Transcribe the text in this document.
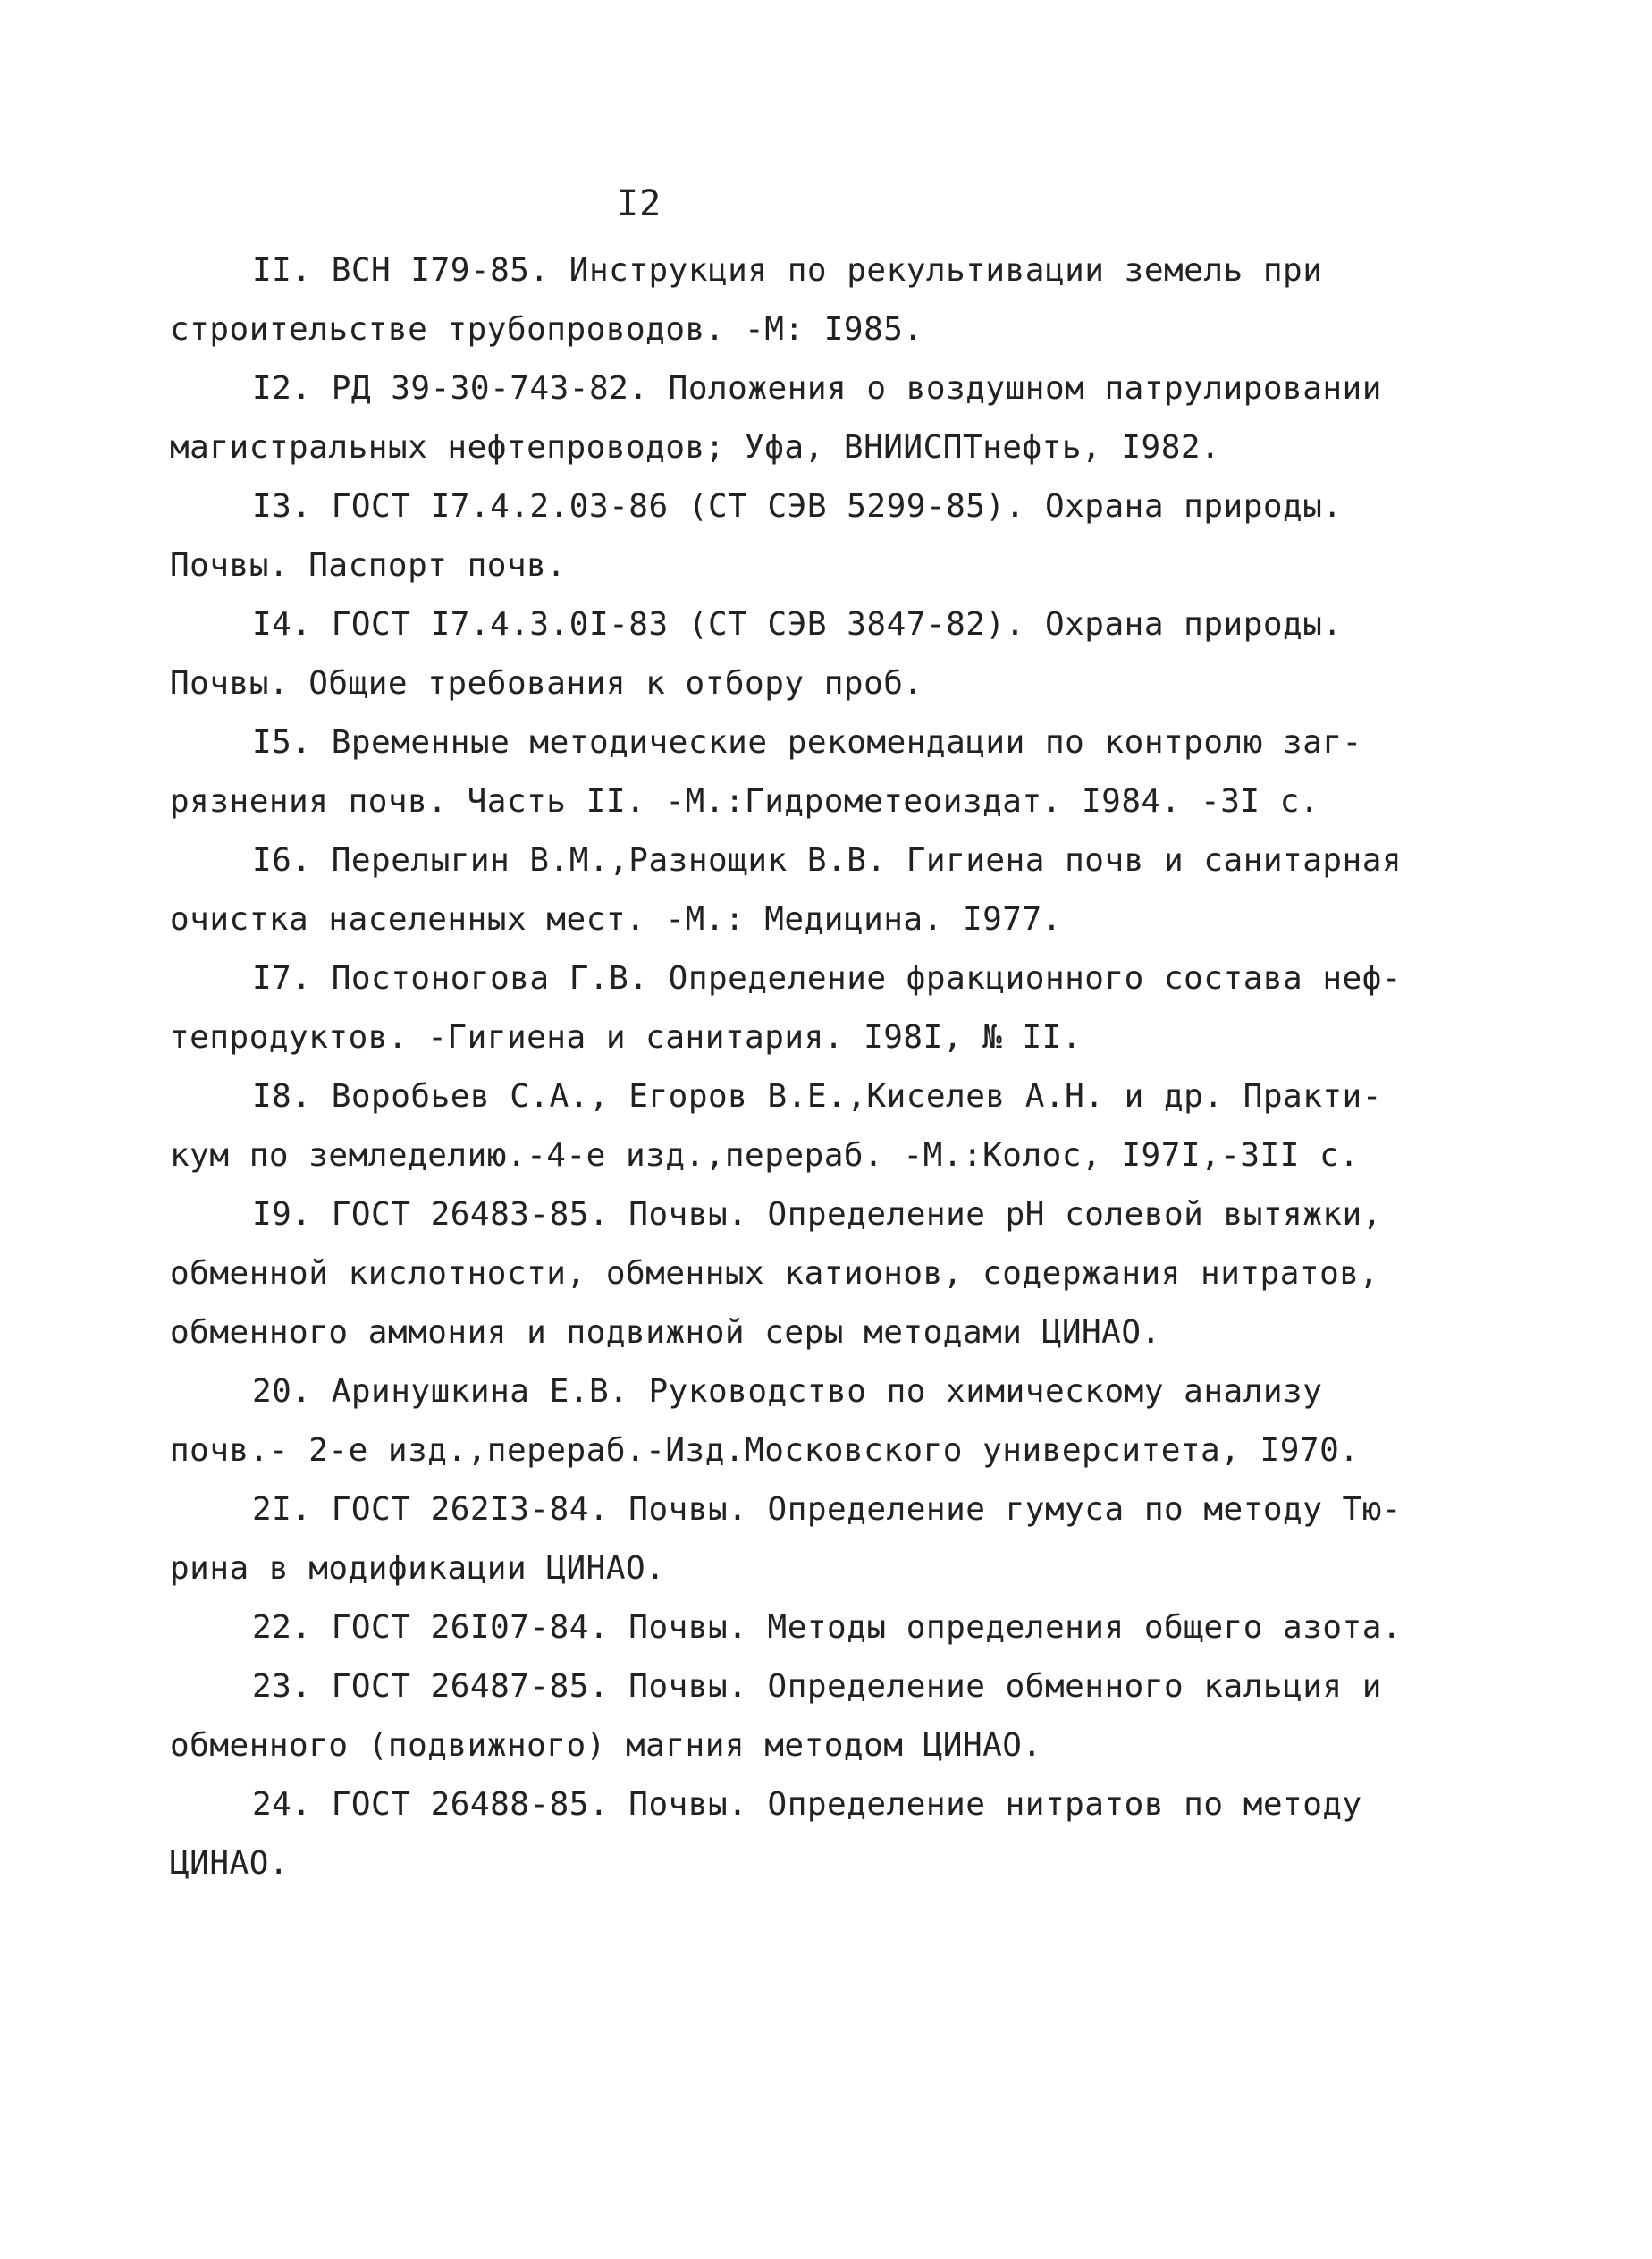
I2
II. ВСН I79-85. Инструкция по рекультивации земель при
строительстве трубопроводов. -М: I985.
I2. РД 39-30-743-82. Положения о воздушном патрулировании
магистральных нефтепроводов; Уфа, ВНИИСПТнефть, I982.
I3. ГОСТ I7.4.2.03-86 (СТ СЭВ 5299-85). Охрана природы.
Почвы. Паспорт почв.
I4. ГОСТ I7.4.3.0I-83 (СТ СЭВ 3847-82). Охрана природы.
Почвы. Общие требования к отбору проб.
I5. Временные методические рекомендации по контролю заг-
рязнения почв. Часть II. -М.:Гидрометеоиздат. I984. -3I с.
I6. Перелыгин В.М.,Разнощик В.В. Гигиена почв и санитарная
очистка населенных мест. -М.: Медицина. I977.
I7. Постоногова Г.В. Определение фракционного состава неф-
тепродуктов. -Гигиена и санитария. I98I, № II.
I8. Воробьев С.А., Егоров В.Е.,Киселев А.Н. и др. Практи-
кум по земледелию.-4-е изд.,перераб. -М.:Колос, I97I,-3II с.
I9. ГОСТ 26483-85. Почвы. Определение рН солевой вытяжки,
обменной кислотности, обменных катионов, содержания нитратов,
обменного аммония и подвижной серы методами ЦИНАО.
20. Аринушкина Е.В. Руководство по химическому анализу
почв.- 2-е изд.,перераб.-Изд.Московского университета, I970.
2I. ГОСТ 262I3-84. Почвы. Определение гумуса по методу Тю-
рина в модификации ЦИНАО.
22. ГОСТ 26I07-84. Почвы. Методы определения общего азота.
23. ГОСТ 26487-85. Почвы. Определение обменного кальция и
обменного (подвижного) магния методом ЦИНАО.
24. ГОСТ 26488-85. Почвы. Определение нитратов по методу
ЦИНАО.
